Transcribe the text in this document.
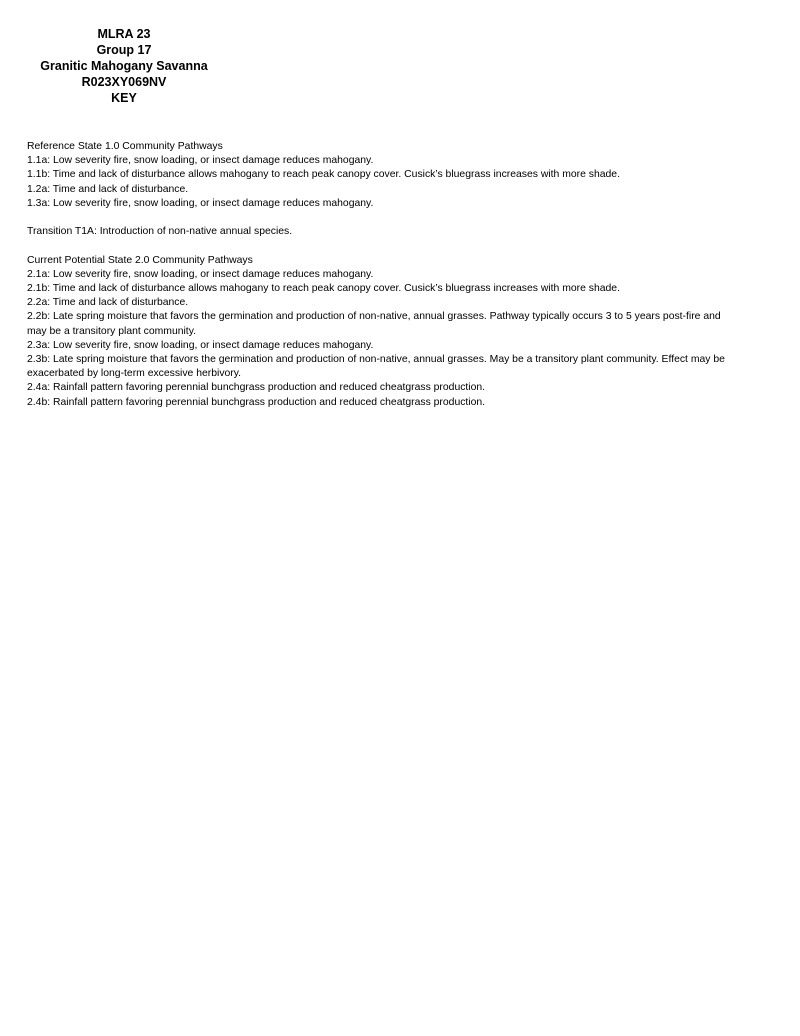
MLRA 23
Group 17
Granitic Mahogany Savanna
R023XY069NV
KEY
Reference State 1.0 Community Pathways
1.1a: Low severity fire, snow loading, or insect damage reduces mahogany.
1.1b: Time and lack of disturbance allows mahogany to reach peak canopy cover. Cusick’s bluegrass increases with more shade.
1.2a: Time and lack of disturbance.
1.3a: Low severity fire, snow loading, or insect damage reduces mahogany.
Transition T1A: Introduction of non-native annual species.
Current Potential State 2.0 Community Pathways
2.1a: Low severity fire, snow loading, or insect damage reduces mahogany.
2.1b: Time and lack of disturbance allows mahogany to reach peak canopy cover. Cusick’s bluegrass increases with more shade.
2.2a: Time and lack of disturbance.
2.2b: Late spring moisture that favors the germination and production of non-native, annual grasses. Pathway typically occurs 3 to 5 years post-fire and may be a transitory plant community.
2.3a: Low severity fire, snow loading, or insect damage reduces mahogany.
2.3b: Late spring moisture that favors the germination and production of non-native, annual grasses. May be a transitory plant community. Effect may be exacerbated by long-term excessive herbivory.
2.4a: Rainfall pattern favoring perennial bunchgrass production and reduced cheatgrass production.
2.4b: Rainfall pattern favoring perennial bunchgrass production and reduced cheatgrass production.
